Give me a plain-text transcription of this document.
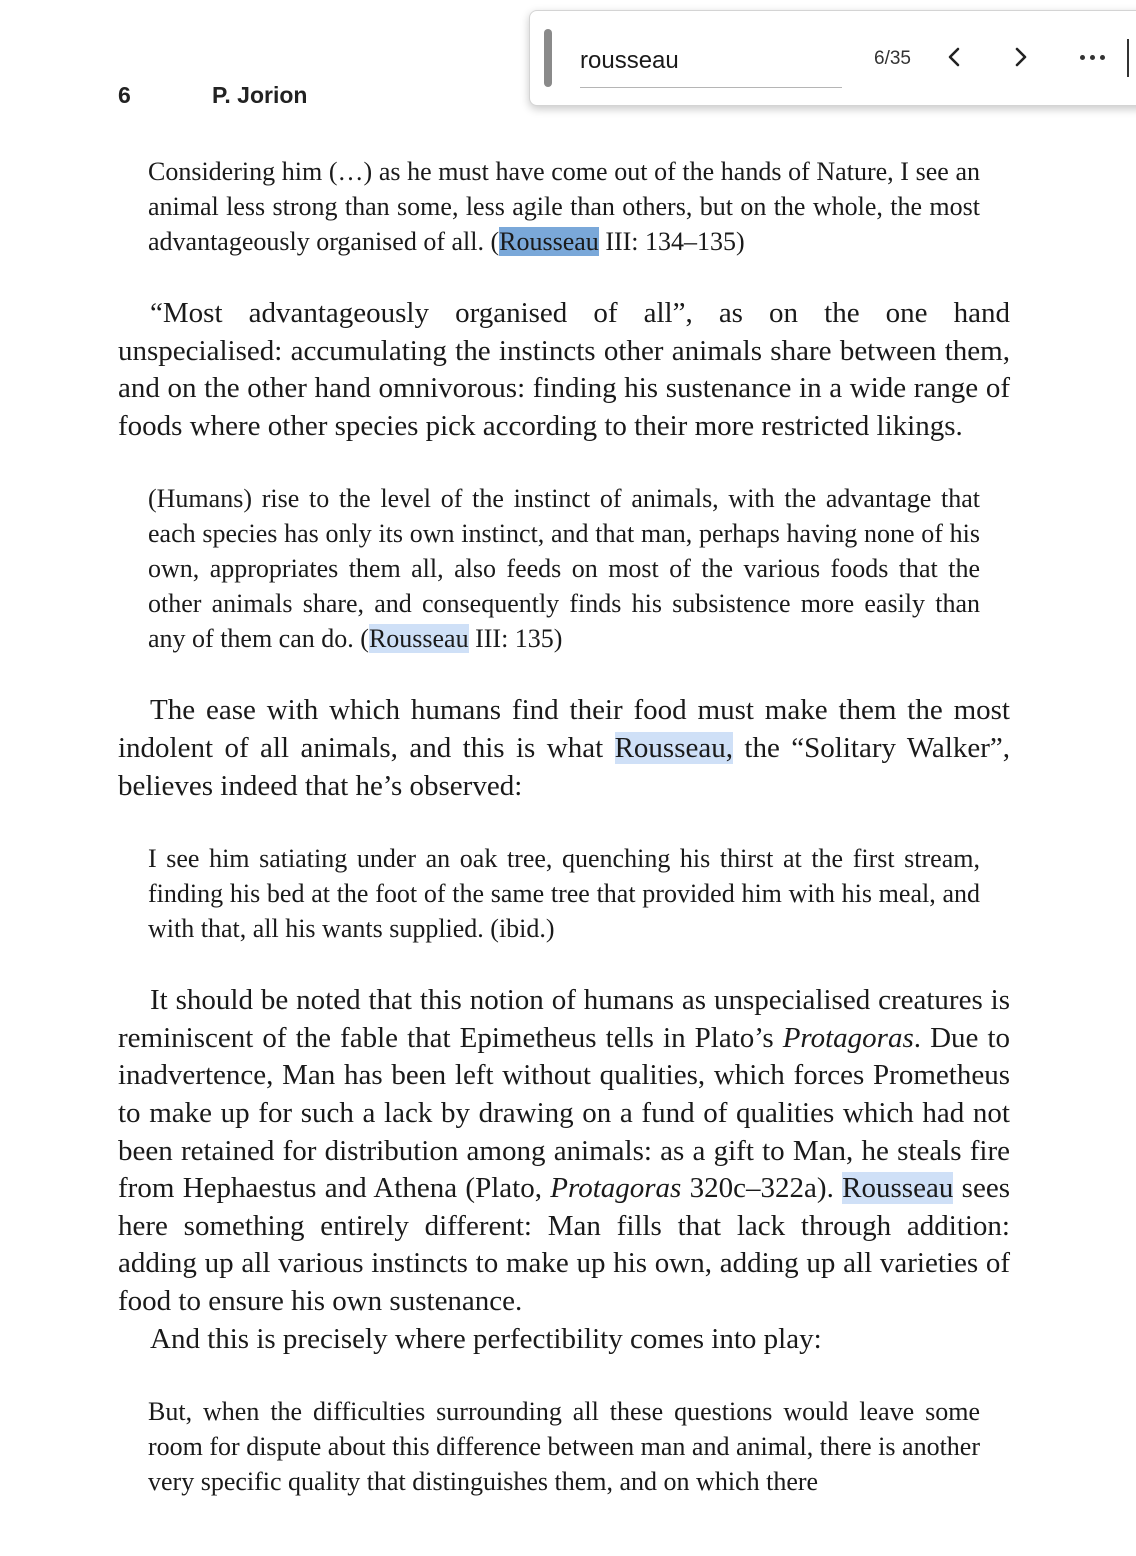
6	P. Jorion

Considering him (…) as he must have come out of the hands of Nature, I see an animal less strong than some, less agile than others, but on the whole, the most advantageously organised of all. (Rousseau III: 134–135)

“Most advantageously organised of all”, as on the one hand unspecialised: accumulating the instincts other animals share between them, and on the other hand omnivorous: finding his sustenance in a wide range of foods where other species pick according to their more restricted likings.

(Humans) rise to the level of the instinct of animals, with the advantage that each species has only its own instinct, and that man, perhaps having none of his own, appropriates them all, also feeds on most of the various foods that the other animals share, and consequently finds his subsistence more easily than any of them can do. (Rousseau III: 135)

The ease with which humans find their food must make them the most indolent of all animals, and this is what Rousseau, the “Solitary Walker”, believes indeed that he’s observed:

I see him satiating under an oak tree, quenching his thirst at the first stream, finding his bed at the foot of the same tree that provided him with his meal, and with that, all his wants supplied. (ibid.)

It should be noted that this notion of humans as unspecialised creatures is reminiscent of the fable that Epimetheus tells in Plato’s Protagoras. Due to inadvertence, Man has been left without qualities, which forces Prometheus to make up for such a lack by drawing on a fund of qualities which had not been retained for distribution among animals: as a gift to Man, he steals fire from Hephaestus and Athena (Plato, Protagoras 320c–322a). Rousseau sees here something entirely different: Man fills that lack through addition: adding up all various instincts to make up his own, adding up all varieties of food to ensure his own sustenance.

And this is precisely where perfectibility comes into play:

But, when the difficulties surrounding all these questions would leave some room for dispute about this difference between man and animal, there is another very specific quality that distinguishes them, and on which there

rousseau
6/35
